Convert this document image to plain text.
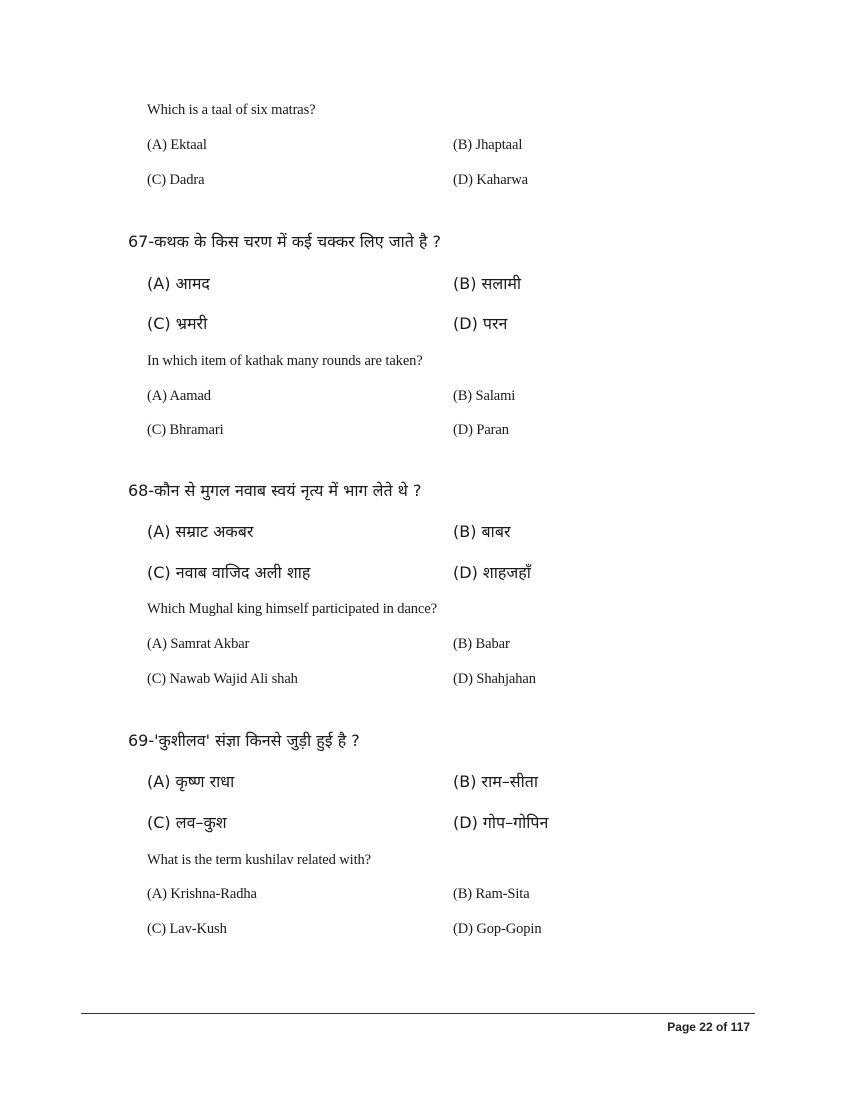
Which is a taal of six matras?
(A) Ektaal	(B) Jhaptaal
(C) Dadra	(D) Kaharwa
67-कथक के किस चरण में कई चक्कर लिए जाते है ?
(A) आमद	(B) सलामी
(C) भ्रमरी	(D) परन
In which item of kathak many rounds are taken?
(A) Aamad	(B) Salami
(C) Bhramari	(D) Paran
68-कौन से मुगल नवाब स्वयं नृत्य में भाग लेते थे ?
(A) सम्राट अकबर	(B) बाबर
(C) नवाब वाजिद अली शाह	(D) शाहजहाँ
Which Mughal king himself participated in dance?
(A) Samrat Akbar	(B) Babar
(C) Nawab Wajid Ali shah	(D) Shahjahan
69-'कुशीलव' संज्ञा किनसे जुड़ी हुई है ?
(A) कृष्ण राधा	(B) राम–सीता
(C) लव–कुश	(D) गोप–गोपिन
What is the term kushilav related with?
(A) Krishna-Radha	(B) Ram-Sita
(C) Lav-Kush	(D) Gop-Gopin
Page 22 of 117
